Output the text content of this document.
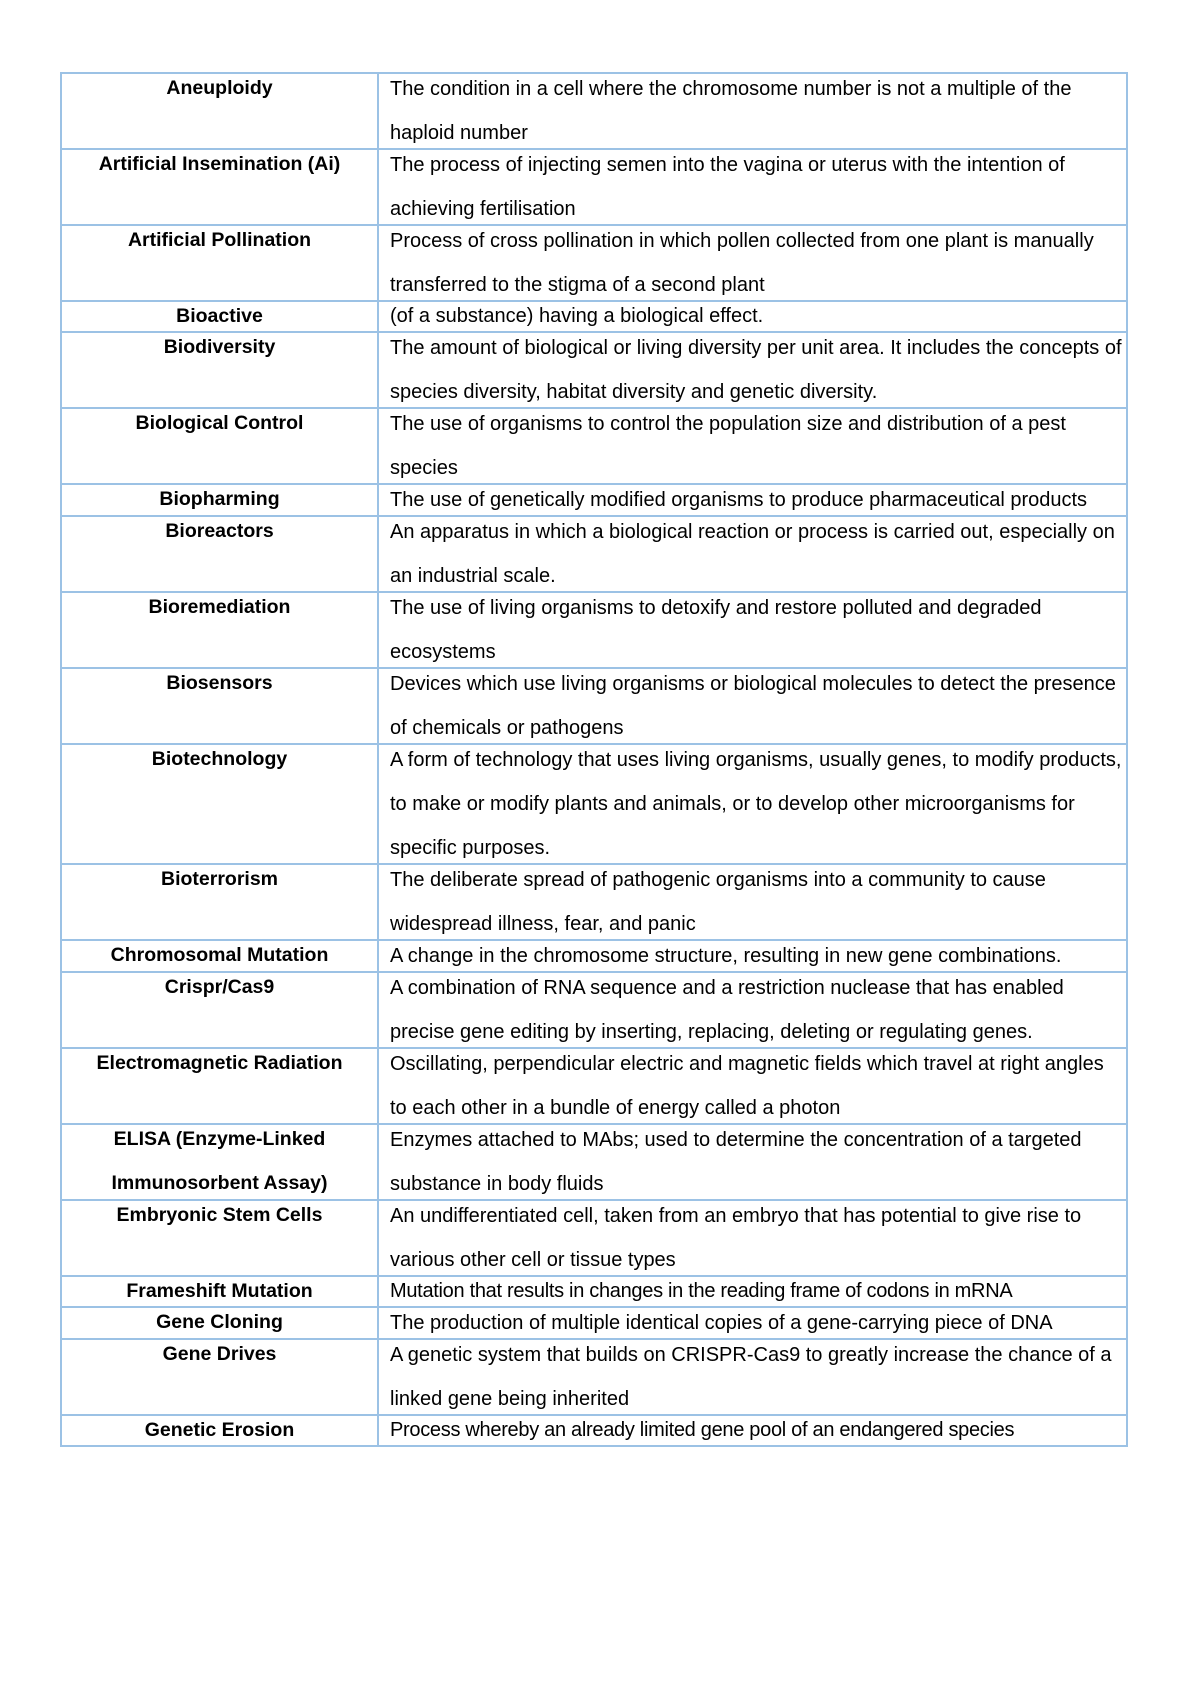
Aneuploidy	The condition in a cell where the chromosome number is not a multiple of the haploid number

Artificial Insemination (Ai)	The process of injecting semen into the vagina or uterus with the intention of achieving fertilisation

Artificial Pollination	Process of cross pollination in which pollen collected from one plant is manually transferred to the stigma of a second plant

Bioactive	(of a substance) having a biological effect.

Biodiversity	The amount of biological or living diversity per unit area. It includes the concepts of species diversity, habitat diversity and genetic diversity.

Biological Control	The use of organisms to control the population size and distribution of a pest species

Biopharming	The use of genetically modified organisms to produce pharmaceutical products

Bioreactors	An apparatus in which a biological reaction or process is carried out, especially on an industrial scale.

Bioremediation	The use of living organisms to detoxify and restore polluted and degraded ecosystems

Biosensors	Devices which use living organisms or biological molecules to detect the presence of chemicals or pathogens

Biotechnology	A form of technology that uses living organisms, usually genes, to modify products, to make or modify plants and animals, or to develop other microorganisms for specific purposes.

Bioterrorism	The deliberate spread of pathogenic organisms into a community to cause widespread illness, fear, and panic

Chromosomal Mutation	A change in the chromosome structure, resulting in new gene combinations.

Crispr/Cas9	A combination of RNA sequence and a restriction nuclease that has enabled precise gene editing by inserting, replacing, deleting or regulating genes.

Electromagnetic Radiation	Oscillating, perpendicular electric and magnetic fields which travel at right angles to each other in a bundle of energy called a photon

ELISA (Enzyme-Linked Immunosorbent Assay)	Enzymes attached to MAbs; used to determine the concentration of a targeted substance in body fluids

Embryonic Stem Cells	An undifferentiated cell, taken from an embryo that has potential to give rise to various other cell or tissue types

Frameshift Mutation	Mutation that results in changes in the reading frame of codons in mRNA

Gene Cloning	The production of multiple identical copies of a gene-carrying piece of DNA

Gene Drives	A genetic system that builds on CRISPR-Cas9 to greatly increase the chance of a linked gene being inherited

Genetic Erosion	Process whereby an already limited gene pool of an endangered species
